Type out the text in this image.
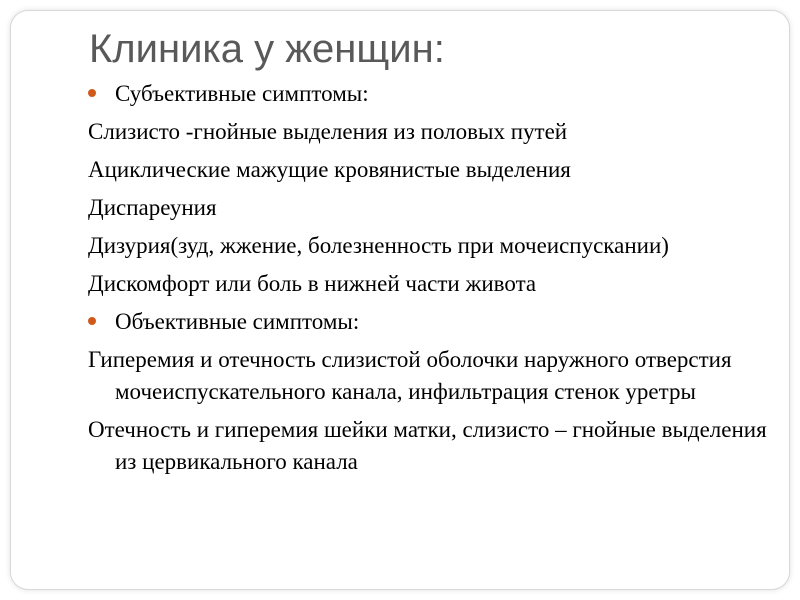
Клиника у женщин:

Субъективные симптомы:

Слизисто -гнойные выделения из половых путей

Ациклические мажущие кровянистые выделения

Диспареуния

Дизурия(зуд, жжение, болезненность при мочеиспускании)

Дискомфорт или боль в нижней части живота

Объективные симптомы:

Гиперемия и отечность слизистой оболочки наружного отверстия мочеиспускательного канала, инфильтрация стенок уретры

Отечность и гиперемия шейки матки, слизисто – гнойные выделения из цервикального канала
